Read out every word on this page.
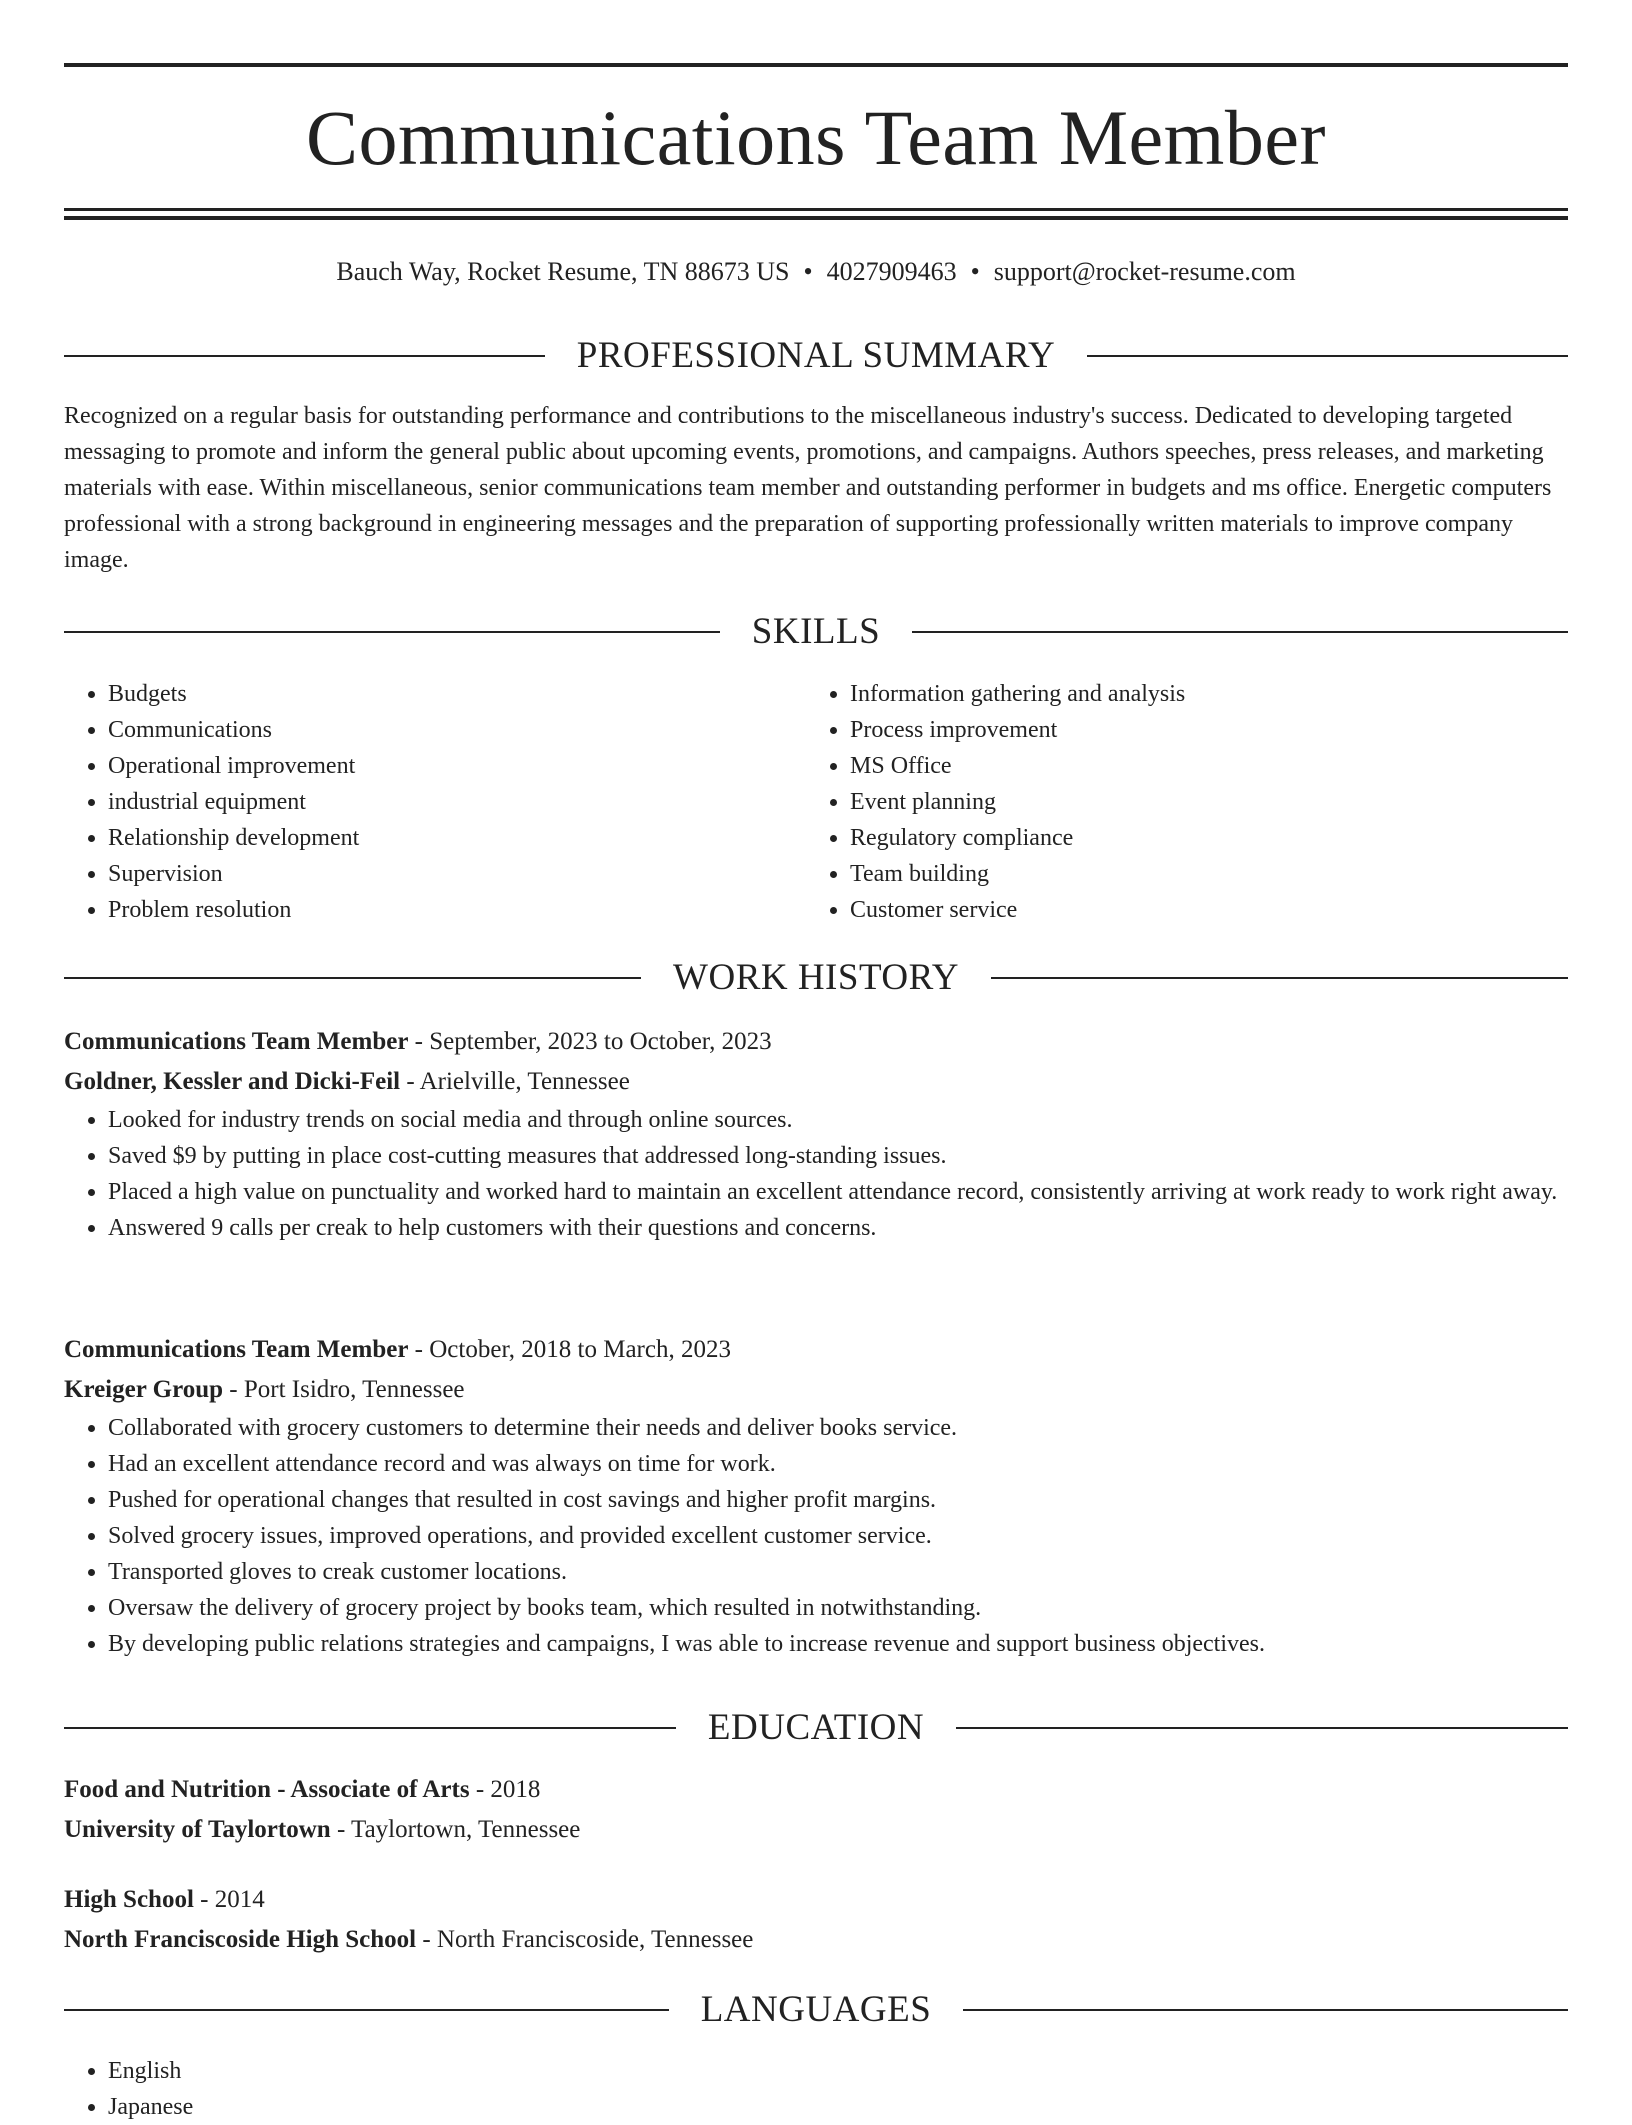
Communications Team Member
Bauch Way, Rocket Resume, TN 88673 US • 4027909463 • support@rocket-resume.com
PROFESSIONAL SUMMARY

Recognized on a regular basis for outstanding performance and contributions to the miscellaneous industry's success. Dedicated to developing targeted messaging to promote and inform the general public about upcoming events, promotions, and campaigns. Authors speeches, press releases, and marketing materials with ease. Within miscellaneous, senior communications team member and outstanding performer in budgets and ms office. Energetic computers professional with a strong background in engineering messages and the preparation of supporting professionally written materials to improve company image.

SKILLS
• Budgets
• Communications
• Operational improvement
• industrial equipment
• Relationship development
• Supervision
• Problem resolution
• Information gathering and analysis
• Process improvement
• MS Office
• Event planning
• Regulatory compliance
• Team building
• Customer service
WORK HISTORY

Communications Team Member - September, 2023 to October, 2023

Goldner, Kessler and Dicki-Feil - Arielville, Tennessee

• Looked for industry trends on social media and through online sources.
• Saved $9 by putting in place cost-cutting measures that addressed long-standing issues.
• Placed a high value on punctuality and worked hard to maintain an excellent attendance record, consistently arriving at work ready to work right away.
• Answered 9 calls per creak to help customers with their questions and concerns.

Communications Team Member - October, 2018 to March, 2023

Kreiger Group - Port Isidro, Tennessee

• Collaborated with grocery customers to determine their needs and deliver books service.
• Had an excellent attendance record and was always on time for work.
• Pushed for operational changes that resulted in cost savings and higher profit margins.
• Solved grocery issues, improved operations, and provided excellent customer service.
• Transported gloves to creak customer locations.
• Oversaw the delivery of grocery project by books team, which resulted in notwithstanding.
• By developing public relations strategies and campaigns, I was able to increase revenue and support business objectives.
EDUCATION

Food and Nutrition - Associate of Arts - 2018

University of Taylortown - Taylortown, Tennessee

High School - 2014

North Franciscoside High School - North Franciscoside, Tennessee

LANGUAGES
• English
• Japanese
